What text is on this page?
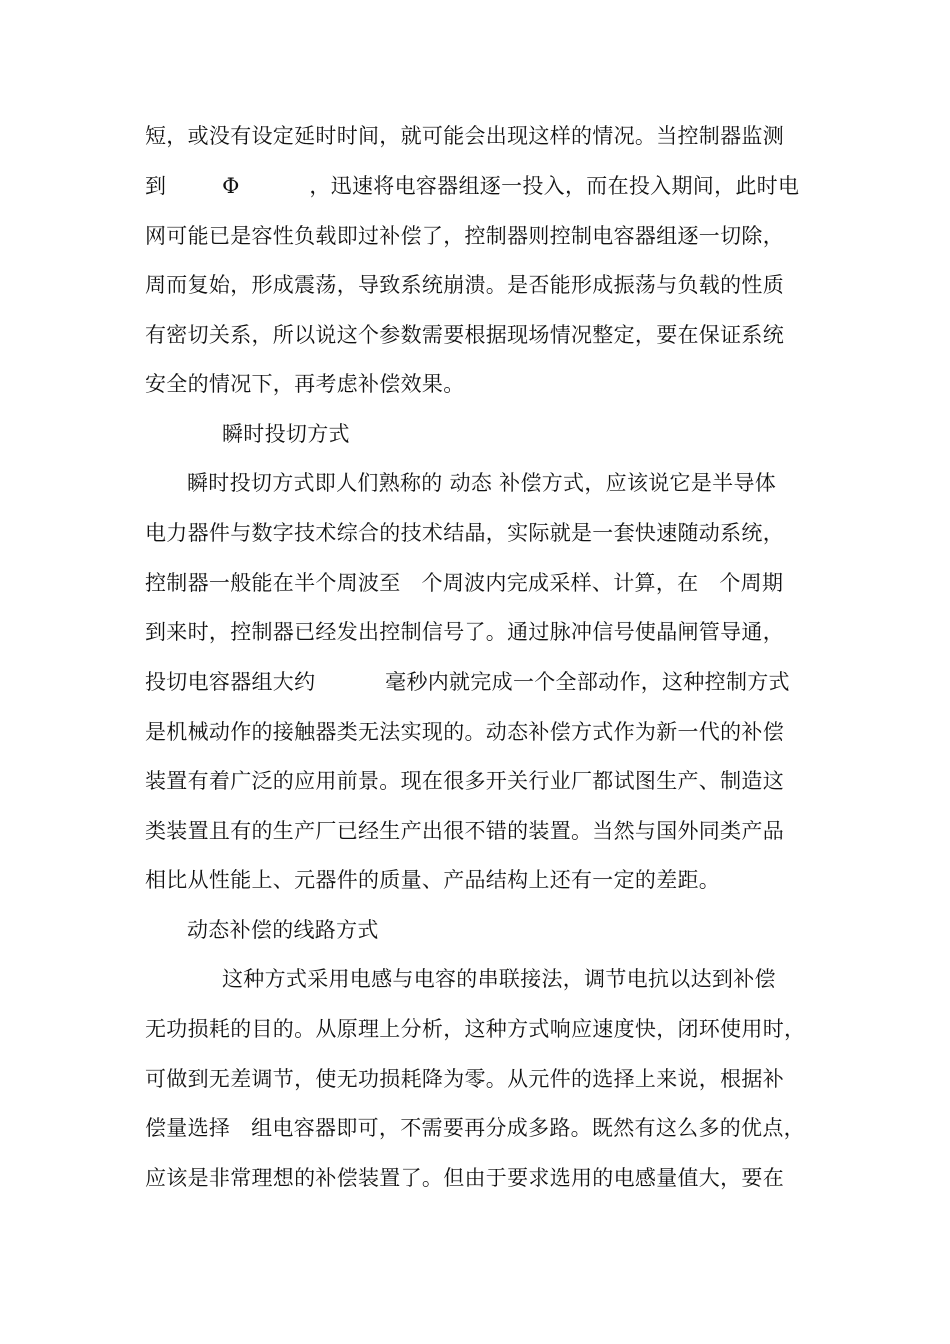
短，或没有设定延时时间，就可能会出现这样的情况。当控制器监测
到        Φ          ，迅速将电容器组逐一投入，而在投入期间，此时电
网可能已是容性负载即过补偿了，控制器则控制电容器组逐一切除，
周而复始，形成震荡，导致系统崩溃。是否能形成振荡与负载的性质
有密切关系，所以说这个参数需要根据现场情况整定，要在保证系统
安全的情况下，再考虑补偿效果。
瞬时投切方式
瞬时投切方式即人们熟称的 动态 补偿方式，应该说它是半导体
电力器件与数字技术综合的技术结晶，实际就是一套快速随动系统，
控制器一般能在半个周波至   个周波内完成采样、计算，在   个周期
到来时，控制器已经发出控制信号了。通过脉冲信号使晶闸管导通，
投切电容器组大约          毫秒内就完成一个全部动作，这种控制方式
是机械动作的接触器类无法实现的。动态补偿方式作为新一代的补偿
装置有着广泛的应用前景。现在很多开关行业厂都试图生产、制造这
类装置且有的生产厂已经生产出很不错的装置。当然与国外同类产品
相比从性能上、元器件的质量、产品结构上还有一定的差距。
动态补偿的线路方式
这种方式采用电感与电容的串联接法，调节电抗以达到补偿
无功损耗的目的。从原理上分析，这种方式响应速度快，闭环使用时，
可做到无差调节，使无功损耗降为零。从元件的选择上来说，根据补
偿量选择   组电容器即可，不需要再分成多路。既然有这么多的优点，
应该是非常理想的补偿装置了。但由于要求选用的电感量值大，要在
